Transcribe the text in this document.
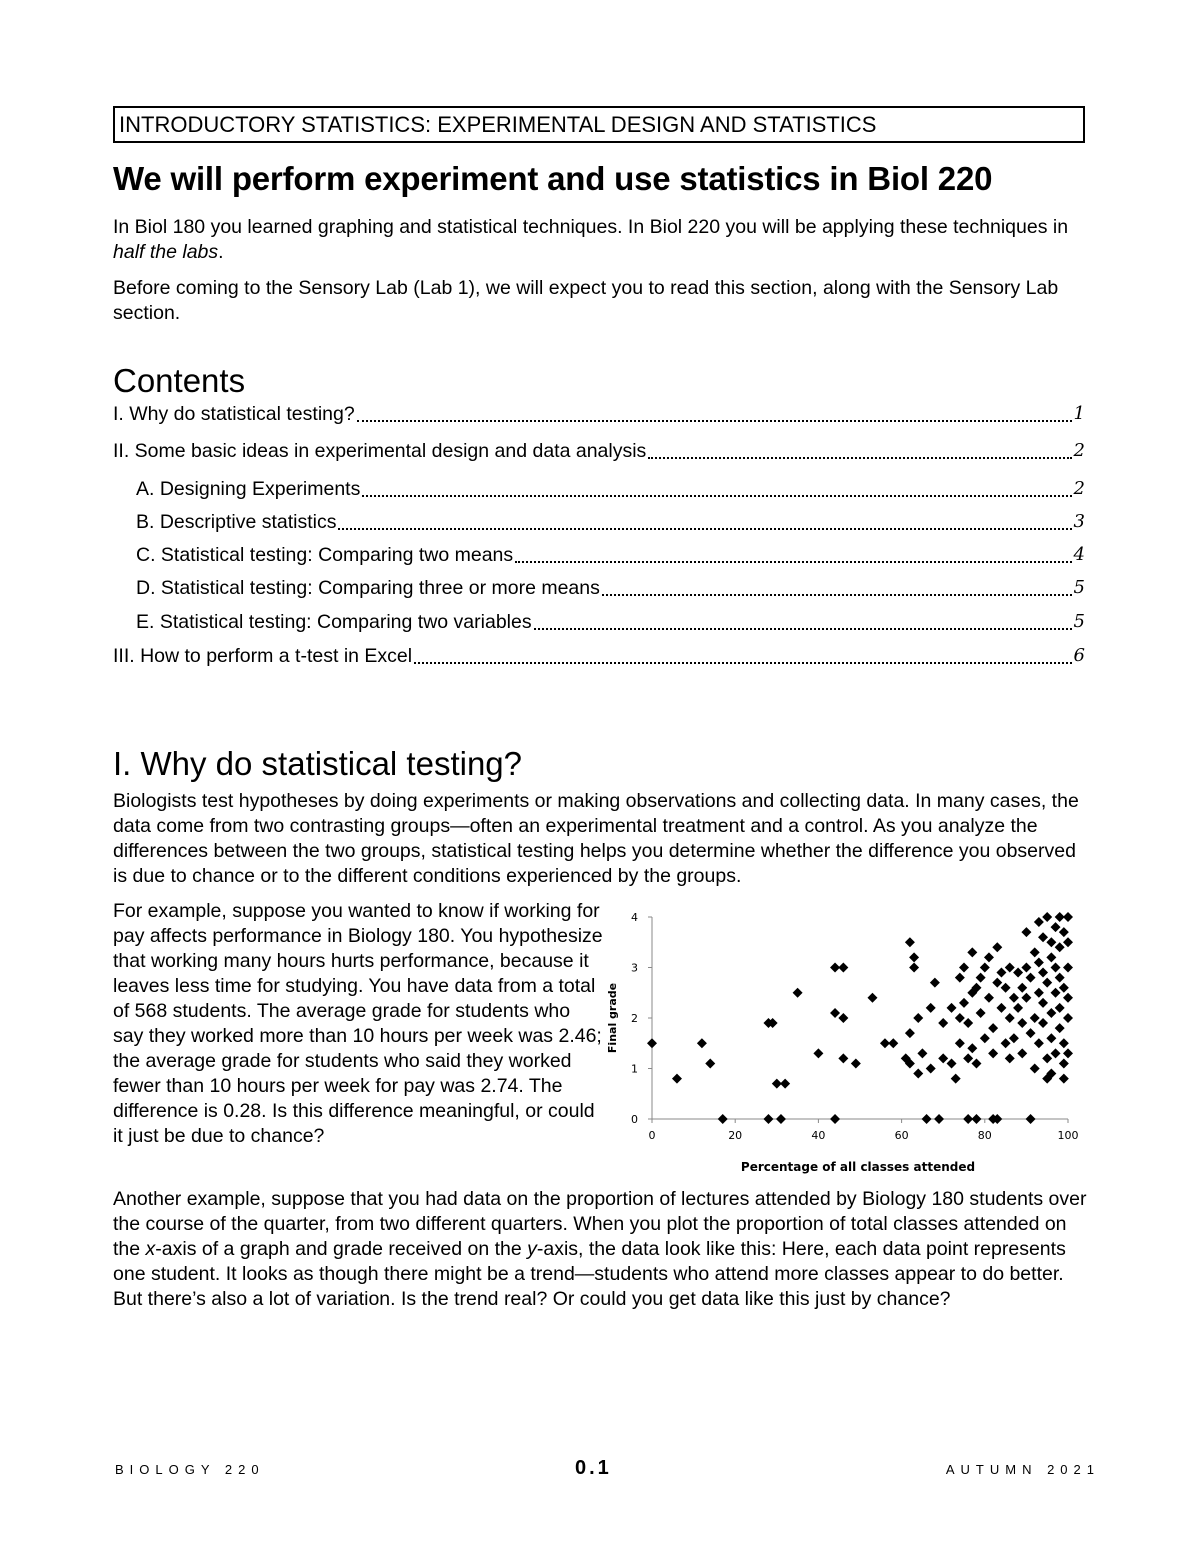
INTRODUCTORY STATISTICS: EXPERIMENTAL DESIGN AND STATISTICS
We will perform experiment and use statistics in Biol 220

In Biol 180 you learned graphing and statistical techniques. In Biol 220 you will be applying these techniques in half the labs.

Before coming to the Sensory Lab (Lab 1), we will expect you to read this section, along with the Sensory Lab section.

Contents
I. Why do statistical testing?	1
II. Some basic ideas in experimental design and data analysis	2
A. Designing Experiments	2
B. Descriptive statistics	3
C. Statistical testing: Comparing two means	4
D. Statistical testing: Comparing three or more means	5
E. Statistical testing: Comparing two variables	5
III. How to perform a t-test in Excel	6
I. Why do statistical testing?

Biologists test hypotheses by doing experiments or making observations and collecting data. In many cases, the data come from two contrasting groups—often an experimental treatment and a control. As you analyze the differences between the two groups, statistical testing helps you determine whether the difference you observed is due to chance or to the different conditions experienced by the groups.

For example, suppose you wanted to know if working for pay affects performance in Biology 180. You hypothesize that working many hours hurts performance, because it leaves less time for studying. You have data from a total of 568 students. The average grade for students who say they worked more than 10 hours per week was 2.46; the average grade for students who said they worked fewer than 10 hours per week for pay was 2.74. The difference is 0.28. Is this difference meaningful, or could it just be due to chance?

0
1
2
3
4
0	20	40	60	80	100
Percentage of all classes attended
Final grade

Another example, suppose that you had data on the proportion of lectures attended by Biology 180 students over the course of the quarter, from two different quarters. When you plot the proportion of total classes attended on the x-axis of a graph and grade received on the y-axis, the data look like this: Here, each data point represents one student. It looks as though there might be a trend—students who attend more classes appear to do better. But there’s also a lot of variation. Is the trend real? Or could you get data like this just by chance?

BIOLOGY 220	0.1	AUTUMN 2021
